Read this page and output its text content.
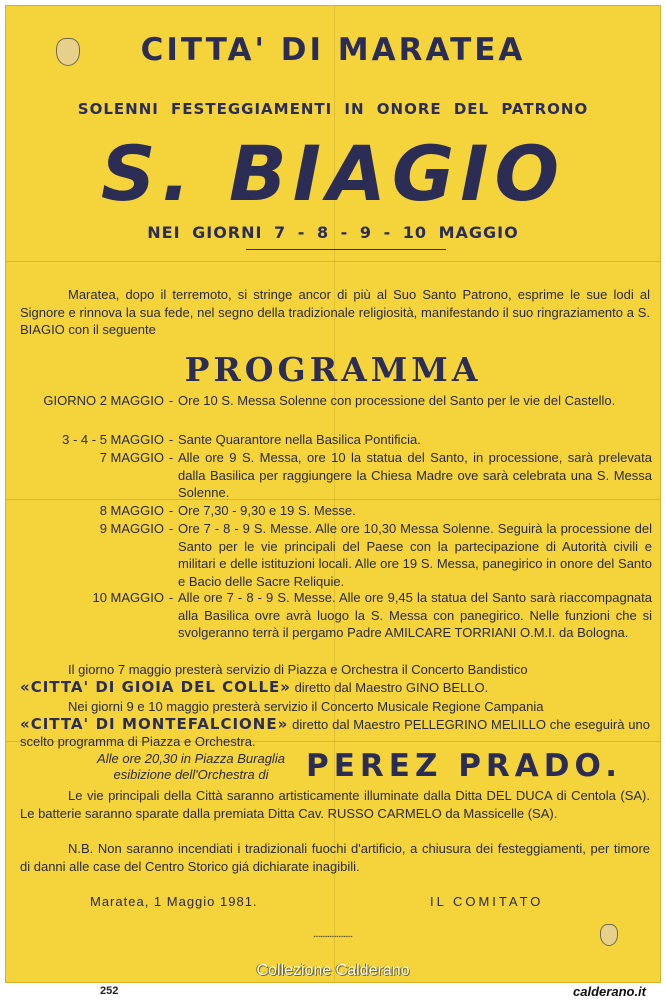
CITTA' DI MARATEA
SOLENNI FESTEGGIAMENTI IN ONORE DEL PATRONO
S. BIAGIO
NEI GIORNI 7 - 8 - 9 - 10 MAGGIO

Maratea, dopo il terremoto, si stringe ancor di più al Suo Santo Patrono, esprime le sue lodi al Signore e rinnova la sua fede, nel segno della tradizionale religiosità, manifestando il suo ringraziamento a S. BIAGIO con il seguente

PROGRAMMA
GIORNO 2 MAGGIO - Ore 10 S. Messa Solenne con processione del Santo per le vie del Castello.
3 - 4 - 5 MAGGIO - Sante Quarantore nella Basilica Pontificia.
7 MAGGIO - Alle ore 9 S. Messa, ore 10 la statua del Santo, in processione, sarà prelevata dalla Basilica per raggiungere la Chiesa Madre ove sarà celebrata una S. Messa Solenne.
8 MAGGIO - Ore 7,30 - 9,30 e 19 S. Messe.
9 MAGGIO - Ore 7 - 8 - 9 S. Messe. Alle ore 10,30 Messa Solenne. Seguirà la processione del Santo per le vie principali del Paese con la partecipazione di Autorità civili e militari e delle istituzioni locali. Alle ore 19 S. Messa, panegirico in onore del Santo e Bacio delle Sacre Reliquie.
10 MAGGIO - Alle ore 7 - 8 - 9 S. Messe. Alle ore 9,45 la statua del Santo sarà riaccompagnata alla Basilica ovre avrà luogo la S. Messa con panegirico. Nelle funzioni che si svolgeranno terrà il pergamo Padre AMILCARE TORRIANI O.M.I. da Bologna.

Il giorno 7 maggio presterà servizio di Piazza e Orchestra il Concerto Bandistico
«CITTA' DI GIOIA DEL COLLE» diretto dal Maestro GINO BELLO.

Nei giorni 9 e 10 maggio presterà servizio il Concerto Musicale Regione Campania
«CITTA' DI MONTEFALCIONE» diretto dal Maestro PELLEGRINO MELILLO che eseguirà uno scelto programma di Piazza e Orchestra.

Alle ore 20,30 in Piazza Buraglia
esibizione dell'Orchestra di	PEREZ PRADO.

Le vie principali della Città saranno artisticamente illuminate dalla Ditta DEL DUCA di Centola (SA). Le batterie saranno sparate dalla premiata Ditta Cav. RUSSO CARMELO da Massicelle (SA).

N.B. Non saranno incendiati i tradizionali fuochi d'artificio, a chiusura dei festeggiamenti, per timore di danni alle case del Centro Storico giá dichiarate inagibili.

Maratea, 1 Maggio 1981.	IL COMITATO
▪▪▪▪▪▪▪▪▪▪▪▪▪▪▪▪▪▪▪▪▪▪
Collezione Calderano
252	calderano.it
